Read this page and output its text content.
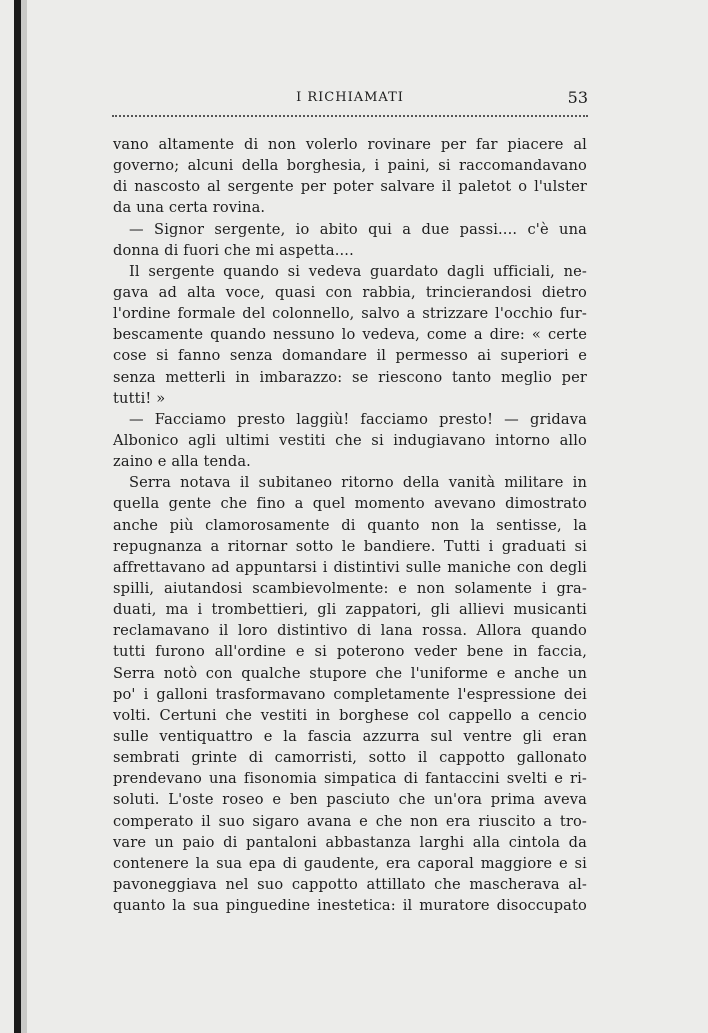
I RICHIAMATI	53
vano altamente di non volerlo rovinare per far piacere al
governo; alcuni della borghesia, i paini, si raccomandavano
di nascosto al sergente per poter salvare il paletot o l'ulster
da una certa rovina.
— Signor sergente, io abito qui a due passi.... c'è una
donna di fuori che mi aspetta....
Il sergente quando si vedeva guardato dagli ufficiali, ne-
gava ad alta voce, quasi con rabbia, trincierandosi dietro
l'ordine formale del colonnello, salvo a strizzare l'occhio fur-
bescamente quando nessuno lo vedeva, come a dire: « certe
cose si fanno senza domandare il permesso ai superiori e
senza metterli in imbarazzo: se riescono tanto meglio per
tutti! »
— Facciamo presto laggiù! facciamo presto! — gridava
Albonico agli ultimi vestiti che si indugiavano intorno allo
zaino e alla tenda.
Serra notava il subitaneo ritorno della vanità militare in
quella gente che fino a quel momento avevano dimostrato
anche più clamorosamente di quanto non la sentisse, la
repugnanza a ritornar sotto le bandiere. Tutti i graduati si
affrettavano ad appuntarsi i distintivi sulle maniche con degli
spilli, aiutandosi scambievolmente: e non solamente i gra-
duati, ma i trombettieri, gli zappatori, gli allievi musicanti
reclamavano il loro distintivo di lana rossa. Allora quando
tutti furono all'ordine e si poterono veder bene in faccia,
Serra notò con qualche stupore che l'uniforme e anche un
po' i galloni trasformavano completamente l'espressione dei
volti. Certuni che vestiti in borghese col cappello a cencio
sulle ventiquattro e la fascia azzurra sul ventre gli eran
sembrati grinte di camorristi, sotto il cappotto gallonato
prendevano una fisonomia simpatica di fantaccini svelti e ri-
soluti. L'oste roseo e ben pasciuto che un'ora prima aveva
comperato il suo sigaro avana e che non era riuscito a tro-
vare un paio di pantaloni abbastanza larghi alla cintola da
contenere la sua epa di gaudente, era caporal maggiore e si
pavoneggiava nel suo cappotto attillato che mascherava al-
quanto la sua pinguedine inestetica: il muratore disoccupato
